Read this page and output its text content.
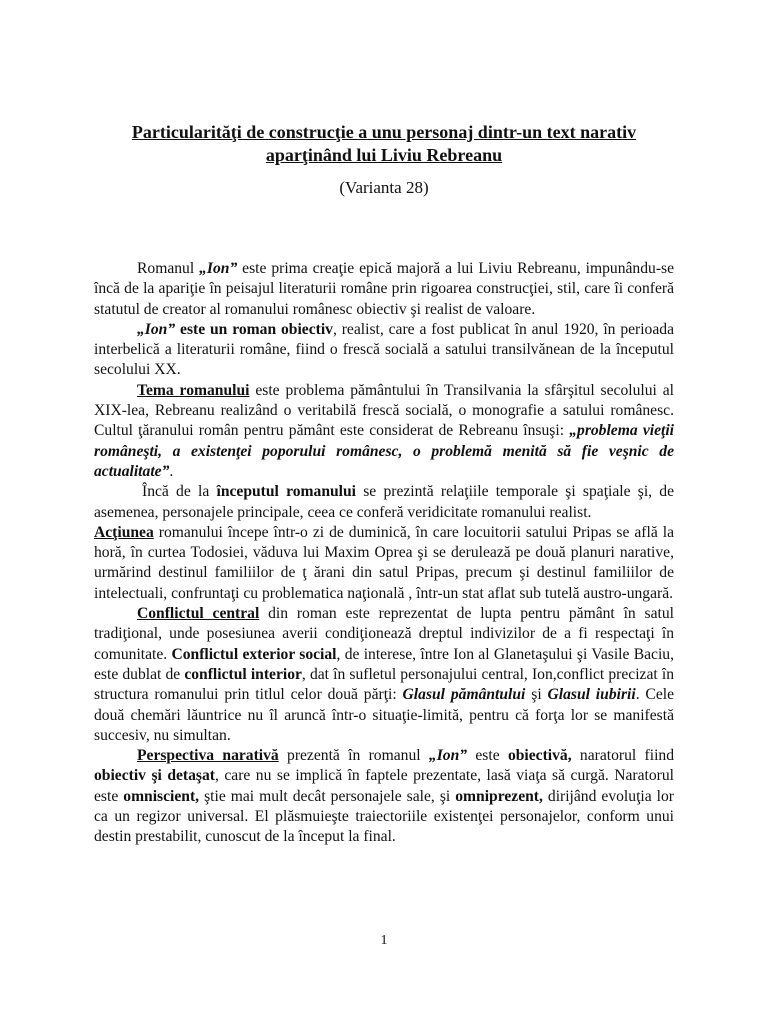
Particularităţi de construcţie a unu personaj dintr-un text narativ
aparţinând lui Liviu Rebreanu
(Varianta 28)

Romanul „Ion” este prima creaţie epică majoră a lui Liviu Rebreanu, impunându-se încă de la apariţie în peisajul literaturii române prin rigoarea construcţiei, stil, care îi conferă statutul de creator al romanului românesc obiectiv şi realist de valoare.

„Ion” este un roman obiectiv, realist, care a fost publicat în anul 1920, în perioada interbelică a literaturii române, fiind o frescă socială a satului transilvănean de la începutul secolului XX.

Tema romanului este problema pământului în Transilvania la sfârşitul secolului al XIX-lea, Rebreanu realizând o veritabilă frescă socială, o monografie a satului românesc. Cultul ţăranului român pentru pământ este considerat de Rebreanu însuşi: „problema vieţii româneşti, a existenţei poporului românesc, o problemă menită să fie veşnic de actualitate”.

Încă de la începutul romanului se prezintă relaţiile temporale şi spaţiale şi, de asemenea, personajele principale, ceea ce conferă veridicitate romanului realist.

Acţiunea romanului începe într-o zi de duminică, în care locuitorii satului Pripas se află la horă, în curtea Todosiei, văduva lui Maxim Oprea şi se derulează pe două planuri narative, urmărind destinul familiilor de ţ ărani din satul Pripas, precum şi destinul familiilor de intelectuali, confruntaţi cu problematica naţională , într-un stat aflat sub tutelă austro-ungară.

Conflictul central din roman este reprezentat de lupta pentru pământ în satul tradiţional, unde posesiunea averii condiţionează dreptul indivizilor de a fi respectaţi în comunitate. Conflictul exterior social, de interese, între Ion al Glanetaşului şi Vasile Baciu, este dublat de conflictul interior, dat în sufletul personajului central, Ion,conflict precizat în structura romanului prin titlul celor două părţi: Glasul pământului şi Glasul iubirii. Cele două chemări lăuntrice nu îl aruncă într-o situaţie-limită, pentru că forţa lor se manifestă succesiv, nu simultan.

Perspectiva narativă prezentă în romanul „Ion” este obiectivă, naratorul fiind obiectiv şi detaşat, care nu se implică în faptele prezentate, lasă viaţa să curgă. Naratorul este omniscient, ştie mai mult decât personajele sale, şi omniprezent, dirijând evoluţia lor ca un regizor universal. El plăsmuieşte traiectoriile existenţei personajelor, conform unui destin prestabilit, cunoscut de la început la final.

1
